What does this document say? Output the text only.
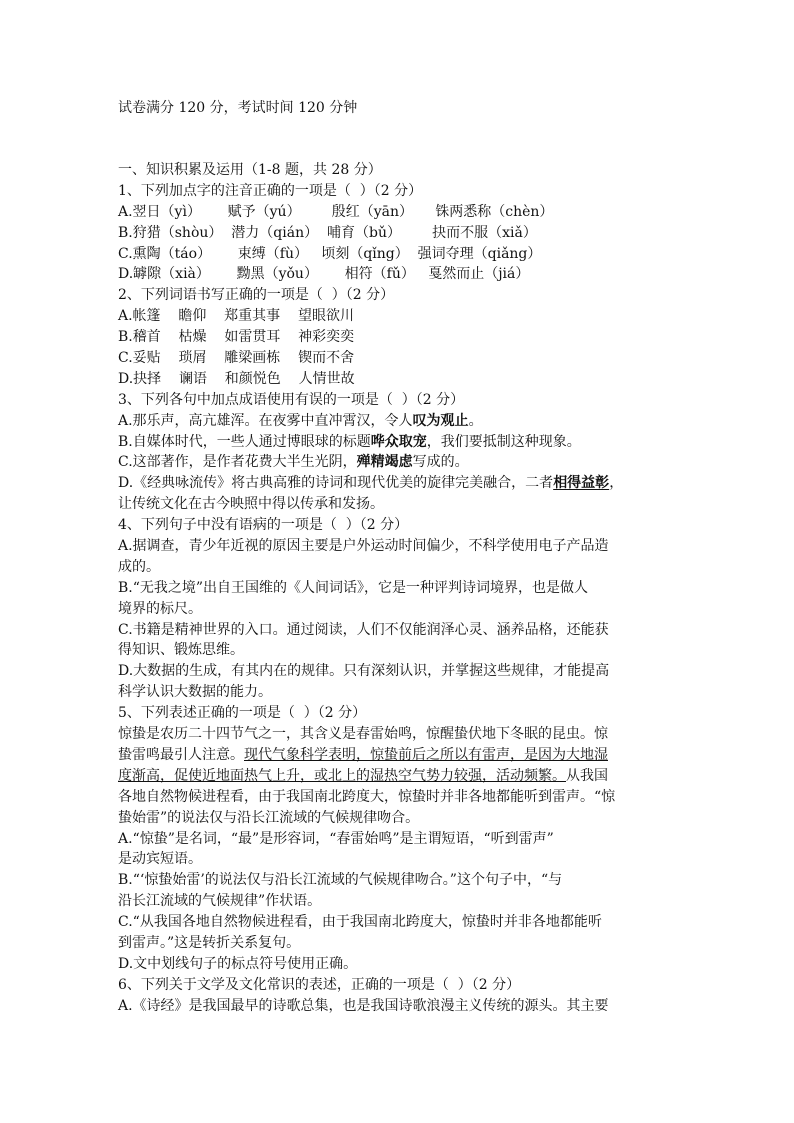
试卷满分 120 分，考试时间 120 分钟
一、知识积累及运用（1-8 题，共 28 分）
1、下列加点字的注音正确的一项是（  ）（2 分）
A.翌日（yì）      赋予（yú）       殷红（yān）     铢两悉称（chèn）
B.狩猎（shòu）  潜力（qián）  哺育（bǔ）       抉而不服（xiǎ）
C.熏陶（táo）      束缚（fù）   顷刻（qǐng）  强词夺理（qiǎng）
D.罅隙（xià）      黝黑（yǒu）      相符（fǔ）   戛然而止（jiá）
2、下列词语书写正确的一项是（  ）（2 分）
A.帐篷    瞻仰    郑重其事    望眼欲川
B.稽首    枯燥    如雷贯耳    神彩奕奕
C.妥贴    琐屑    雕梁画栋    锲而不舍
D.抉择    谰语    和颜悦色    人情世故
3、下列各句中加点成语使用有误的一项是（  ）（2 分）
A.那乐声，高亢雄浑。在夜雾中直冲霄汉，令人叹为观止。
B.自媒体时代，一些人通过博眼球的标题哗众取宠，我们要抵制这种现象。
C.这部著作，是作者花费大半生光阴，殚精竭虑写成的。
D.《经典咏流传》将古典高雅的诗词和现代优美的旋律完美融合，二者相得益彰，
让传统文化在古今映照中得以传承和发扬。
4、下列句子中没有语病的一项是（  ）（2 分）
A.据调查，青少年近视的原因主要是户外运动时间偏少，不科学使用电子产品造
成的。
B.“无我之境”出自王国维的《人间词话》，它是一种评判诗词境界，也是做人
境界的标尺。
C.书籍是精神世界的入口。通过阅读，人们不仅能润泽心灵、涵养品格，还能获
得知识、锻炼思维。
D.大数据的生成，有其内在的规律。只有深刻认识，并掌握这些规律，才能提高
科学认识大数据的能力。
5、下列表述正确的一项是（  ）（2 分）
惊蛰是农历二十四节气之一，其含义是春雷始鸣，惊醒蛰伏地下冬眠的昆虫。惊
蛰雷鸣最引人注意。现代气象科学表明，惊蛰前后之所以有雷声，是因为大地湿
度渐高，促使近地面热气上升，或北上的湿热空气势力较强，活动频繁。从我国
各地自然物候进程看，由于我国南北跨度大，惊蛰时并非各地都能听到雷声。“惊
蛰始雷”的说法仅与沿长江流域的气候规律吻合。
A.“惊蛰”是名词，“最”是形容词，“春雷始鸣”是主谓短语，“听到雷声”
是动宾短语。
B.“‘惊蛰始雷’的说法仅与沿长江流域的气候规律吻合。”这个句子中，“与
沿长江流域的气候规律”作状语。
C.“从我国各地自然物候进程看，由于我国南北跨度大，惊蛰时并非各地都能听
到雷声。”这是转折关系复句。
D.文中划线句子的标点符号使用正确。
6、下列关于文学及文化常识的表述，正确的一项是（  ）（2 分）
A.《诗经》是我国最早的诗歌总集，也是我国诗歌浪漫主义传统的源头。其主要
